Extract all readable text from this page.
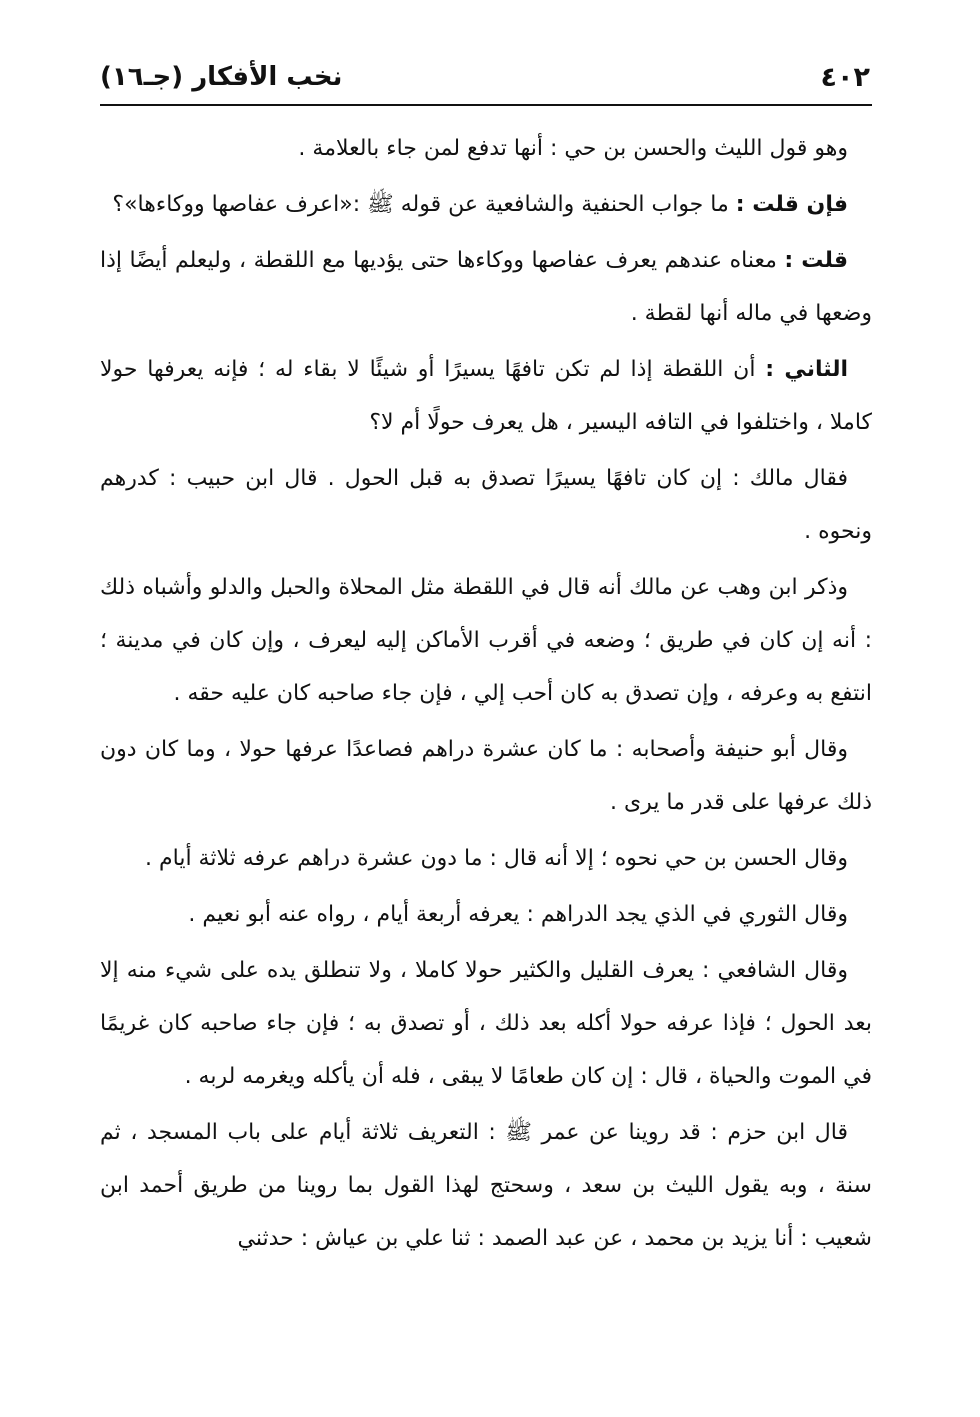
٤٠٢
نخب الأفكار (جـ١٦)

وهو قول الليث والحسن بن حي : أنها تدفع لمن جاء بالعلامة .

فإن قلت : ما جواب الحنفية والشافعية عن قوله ﷺ :«اعرف عفاصها ووكاءها»؟

قلت : معناه عندهم يعرف عفاصها ووكاءها حتى يؤديها مع اللقطة ، وليعلم أيضًا إذا وضعها في ماله أنها لقطة .

الثاني : أن اللقطة إذا لم تكن تافهًا يسيرًا أو شيئًا لا بقاء له ؛ فإنه يعرفها حولا كاملا ، واختلفوا في التافه اليسير ، هل يعرف حولًا أم لا؟

فقال مالك : إن كان تافهًا يسيرًا تصدق به قبل الحول . قال ابن حبيب : كدرهم ونحوه .

وذكر ابن وهب عن مالك أنه قال في اللقطة مثل المحلاة والحبل والدلو وأشباه ذلك : أنه إن كان في طريق ؛ وضعه في أقرب الأماكن إليه ليعرف ، وإن كان في مدينة ؛ انتفع به وعرفه ، وإن تصدق به كان أحب إلي ، فإن جاء صاحبه كان عليه حقه .

وقال أبو حنيفة وأصحابه : ما كان عشرة دراهم فصاعدًا عرفها حولا ، وما كان دون ذلك عرفها على قدر ما يرى .

وقال الحسن بن حي نحوه ؛ إلا أنه قال : ما دون عشرة دراهم عرفه ثلاثة أيام .

وقال الثوري في الذي يجد الدراهم : يعرفه أربعة أيام ، رواه عنه أبو نعيم .

وقال الشافعي : يعرف القليل والكثير حولا كاملا ، ولا تنطلق يده على شيء منه إلا بعد الحول ؛ فإذا عرفه حولا أكله بعد ذلك ، أو تصدق به ؛ فإن جاء صاحبه كان غريمًا في الموت والحياة ، قال : إن كان طعامًا لا يبقى ، فله أن يأكله ويغرمه لربه .

قال ابن حزم : قد روينا عن عمر ﷺ : التعريف ثلاثة أيام على باب المسجد ، ثم سنة ، وبه يقول الليث بن سعد ، وسحتج لهذا القول بما روينا من طريق أحمد ابن شعيب : أنا يزيد بن محمد ، عن عبد الصمد : ثنا علي بن عياش : حدثني
